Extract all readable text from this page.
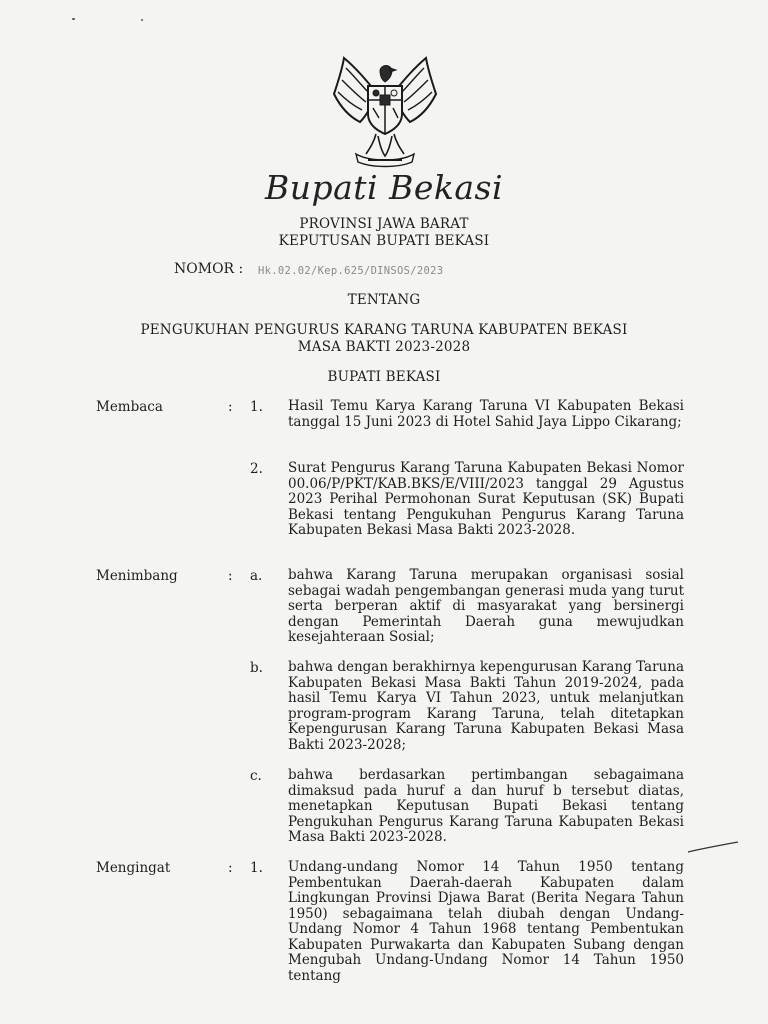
Bupati Bekasi
PROVINSI JAWA BARAT
KEPUTUSAN BUPATI BEKASI
NOMOR : Hk.02.02/Kep.625/DINSOS/2023
TENTANG
PENGUKUHAN PENGURUS KARANG TARUNA KABUPATEN BEKASI
MASA BAKTI 2023-2028
BUPATI BEKASI
Membaca	: 1. Hasil Temu Karya Karang Taruna VI Kabupaten Bekasi tanggal 15 Juni 2023 di Hotel Sahid Jaya Lippo Cikarang;
2. Surat Pengurus Karang Taruna Kabupaten Bekasi Nomor 00.06/P/PKT/KAB.BKS/E/VIII/2023 tanggal 29 Agustus 2023 Perihal Permohonan Surat Keputusan (SK) Bupati Bekasi tentang Pengukuhan Pengurus Karang Taruna Kabupaten Bekasi Masa Bakti 2023-2028.
Menimbang	: a. bahwa Karang Taruna merupakan organisasi sosial sebagai wadah pengembangan generasi muda yang turut serta berperan aktif di masyarakat yang bersinergi dengan Pemerintah Daerah guna mewujudkan kesejahteraan Sosial;
b. bahwa dengan berakhirnya kepengurusan Karang Taruna Kabupaten Bekasi Masa Bakti Tahun 2019-2024, pada hasil Temu Karya VI Tahun 2023, untuk melanjutkan program-program Karang Taruna, telah ditetapkan Kepengurusan Karang Taruna Kabupaten Bekasi Masa Bakti 2023-2028;
c. bahwa berdasarkan pertimbangan sebagaimana dimaksud pada huruf a dan huruf b tersebut diatas, menetapkan Keputusan Bupati Bekasi tentang Pengukuhan Pengurus Karang Taruna Kabupaten Bekasi Masa Bakti 2023-2028.
Mengingat	: 1. Undang-undang Nomor 14 Tahun 1950 tentang Pembentukan Daerah-daerah Kabupaten dalam Lingkungan Provinsi Djawa Barat (Berita Negara Tahun 1950) sebagaimana telah diubah dengan Undang-Undang Nomor 4 Tahun 1968 tentang Pembentukan Kabupaten Purwakarta dan Kabupaten Subang dengan Mengubah Undang-Undang Nomor 14 Tahun 1950 tentang
